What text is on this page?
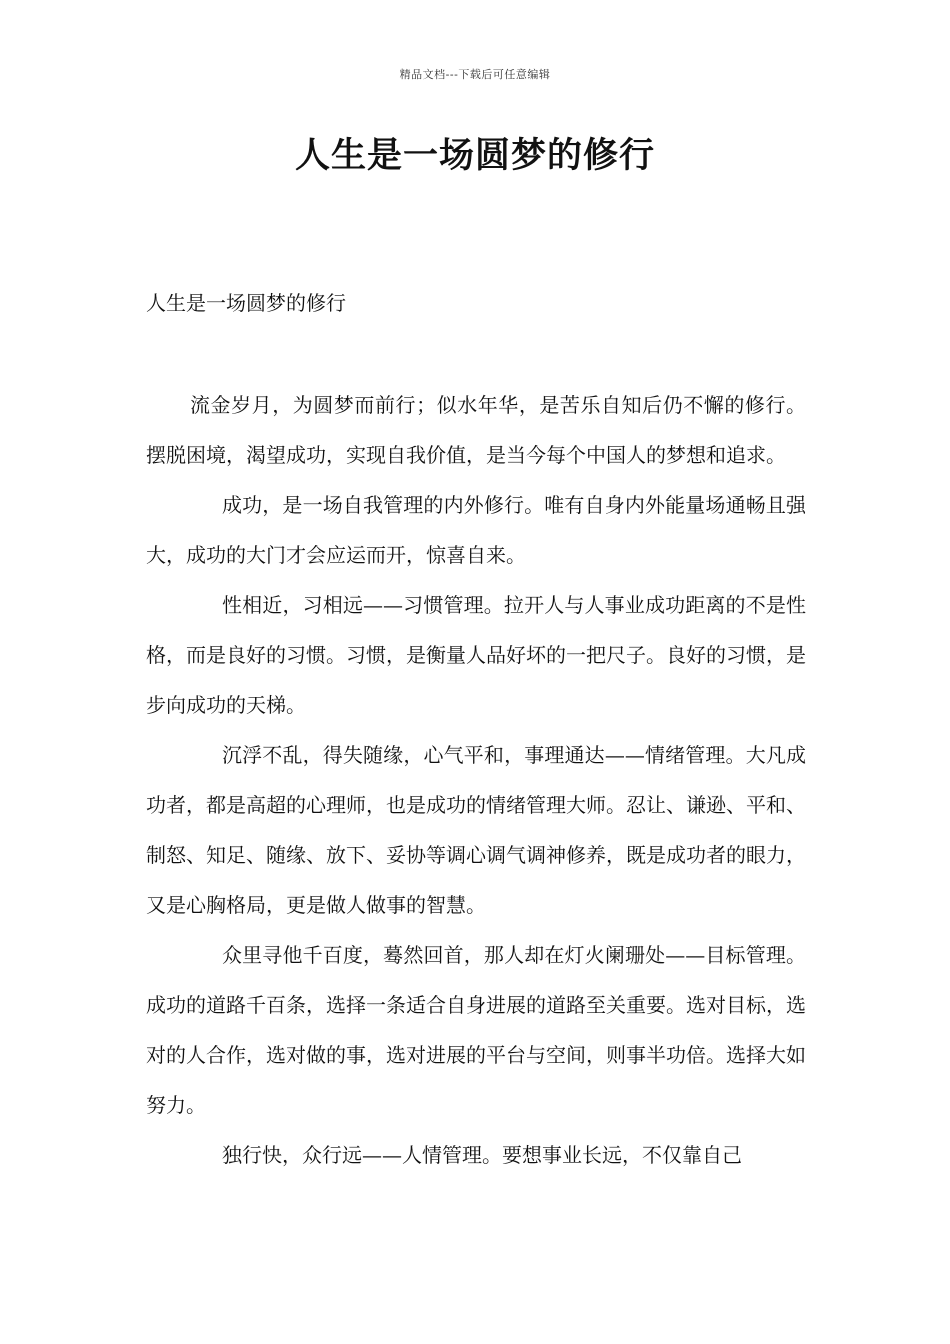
精品文档---下载后可任意编辑
人生是一场圆梦的修行
人生是一场圆梦的修行

流金岁月，为圆梦而前行；似水年华，是苦乐自知后仍不懈的修行。摆脱困境，渴望成功，实现自我价值，是当今每个中国人的梦想和追求。

成功，是一场自我管理的内外修行。唯有自身内外能量场通畅且强大，成功的大门才会应运而开，惊喜自来。

性相近，习相远——习惯管理。拉开人与人事业成功距离的不是性格，而是良好的习惯。习惯，是衡量人品好坏的一把尺子。良好的习惯，是步向成功的天梯。

沉浮不乱，得失随缘，心气平和，事理通达——情绪管理。大凡成功者，都是高超的心理师，也是成功的情绪管理大师。忍让、谦逊、平和、制怒、知足、随缘、放下、妥协等调心调气调神修养，既是成功者的眼力，又是心胸格局，更是做人做事的智慧。

众里寻他千百度，蓦然回首，那人却在灯火阑珊处——目标管理。成功的道路千百条，选择一条适合自身进展的道路至关重要。选对目标，选对的人合作，选对做的事，选对进展的平台与空间，则事半功倍。选择大如努力。

独行快，众行远——人情管理。要想事业长远，不仅靠自己
